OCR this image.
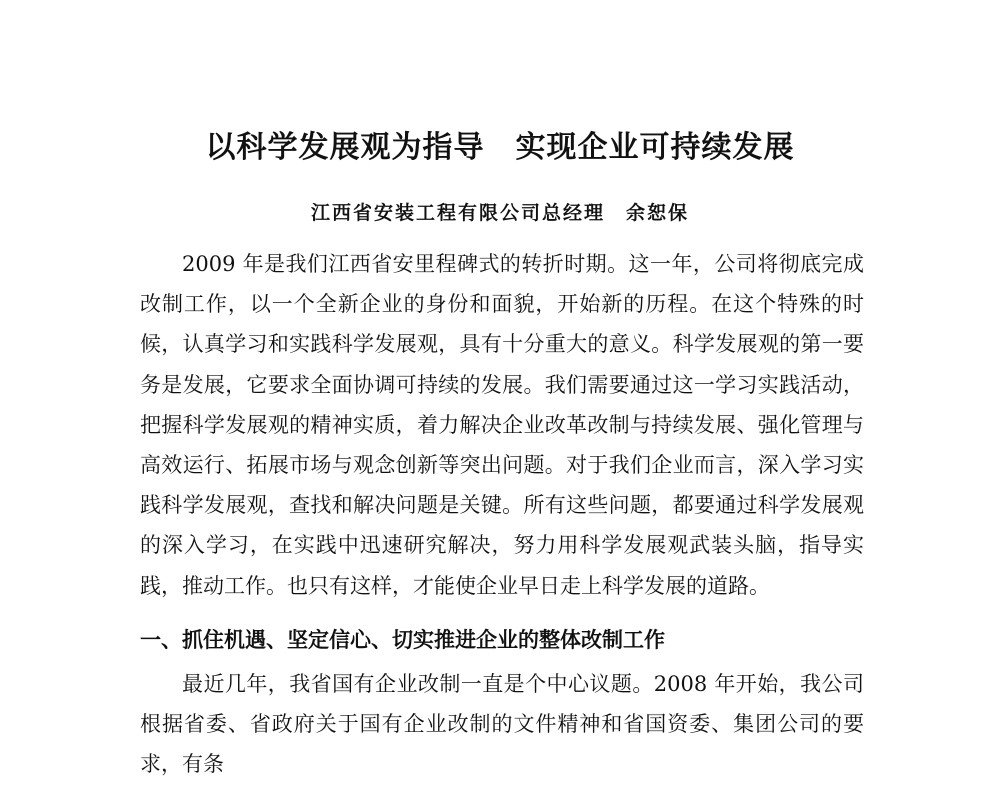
以科学发展观为指导　实现企业可持续发展
江西省安装工程有限公司总经理　余恕保

2009 年是我们江西省安里程碑式的转折时期。这一年，公司将彻底完成改制工作，以一个全新企业的身份和面貌，开始新的历程。在这个特殊的时候，认真学习和实践科学发展观，具有十分重大的意义。科学发展观的第一要务是发展，它要求全面协调可持续的发展。我们需要通过这一学习实践活动，把握科学发展观的精神实质，着力解决企业改革改制与持续发展、强化管理与高效运行、拓展市场与观念创新等突出问题。对于我们企业而言，深入学习实践科学发展观，查找和解决问题是关键。所有这些问题，都要通过科学发展观的深入学习，在实践中迅速研究解决，努力用科学发展观武装头脑，指导实践，推动工作。也只有这样，才能使企业早日走上科学发展的道路。

一、抓住机遇、坚定信心、切实推进企业的整体改制工作

最近几年，我省国有企业改制一直是个中心议题。2008 年开始，我公司根据省委、省政府关于国有企业改制的文件精神和省国资委、集团公司的要求，有条
